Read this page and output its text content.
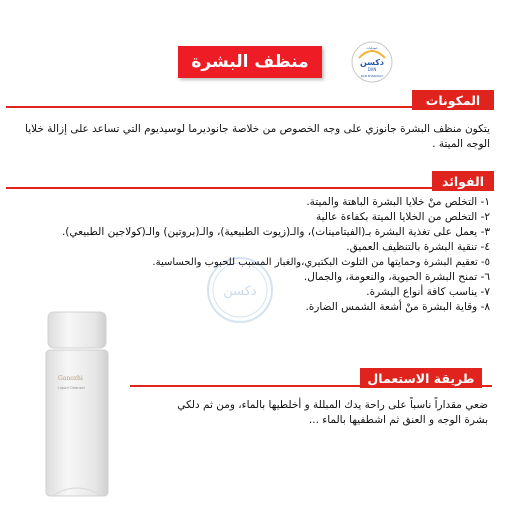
منظف البشرة
صيدليات
دكسن
DXN
DXN PHARMACY
دكسن
المكونات
يتكون منظف البشرة جانوزي على وجه الخصوص من خلاصة جانوديرما لوسيديوم التي تساعد على إزالة خلايا الوجه الميتة .
الفوائد
١- التخلص منْ خلايا البشرة الباهتة والميتة.
٢- التخلص من الخلايا الميتة بكفاءة عالية
٣- يعمل على تغذية البشرة بـ(الفيتامينات)، والـ(زيوت الطبيعية)، والـ(بروتين) والـ(كولاجين الطبيعي).
٤- تنقية البشرة بالتنظيف العميق.
٥- تعقيم البشرة وحمايتها من التلوث البكتيري،والغبار المسبب للحبوب والحساسية.
٦- تمنح البشرة الحيوية، والنعومة، والجمال.
٧- يناسب كافة أنواع البشرة.
٨- وقاية البشرة منْ أشعة الشمس الضارة.
طريقة الاستعمال
ضعي مقداراً ناسباً على راحة يدك المبللة و أخلطيها بالماء، ومن ثم دلكي بشرة الوجه و العنق ثم اشطفيها بالماء ...
Ganozhi
Liquid Cleanser
